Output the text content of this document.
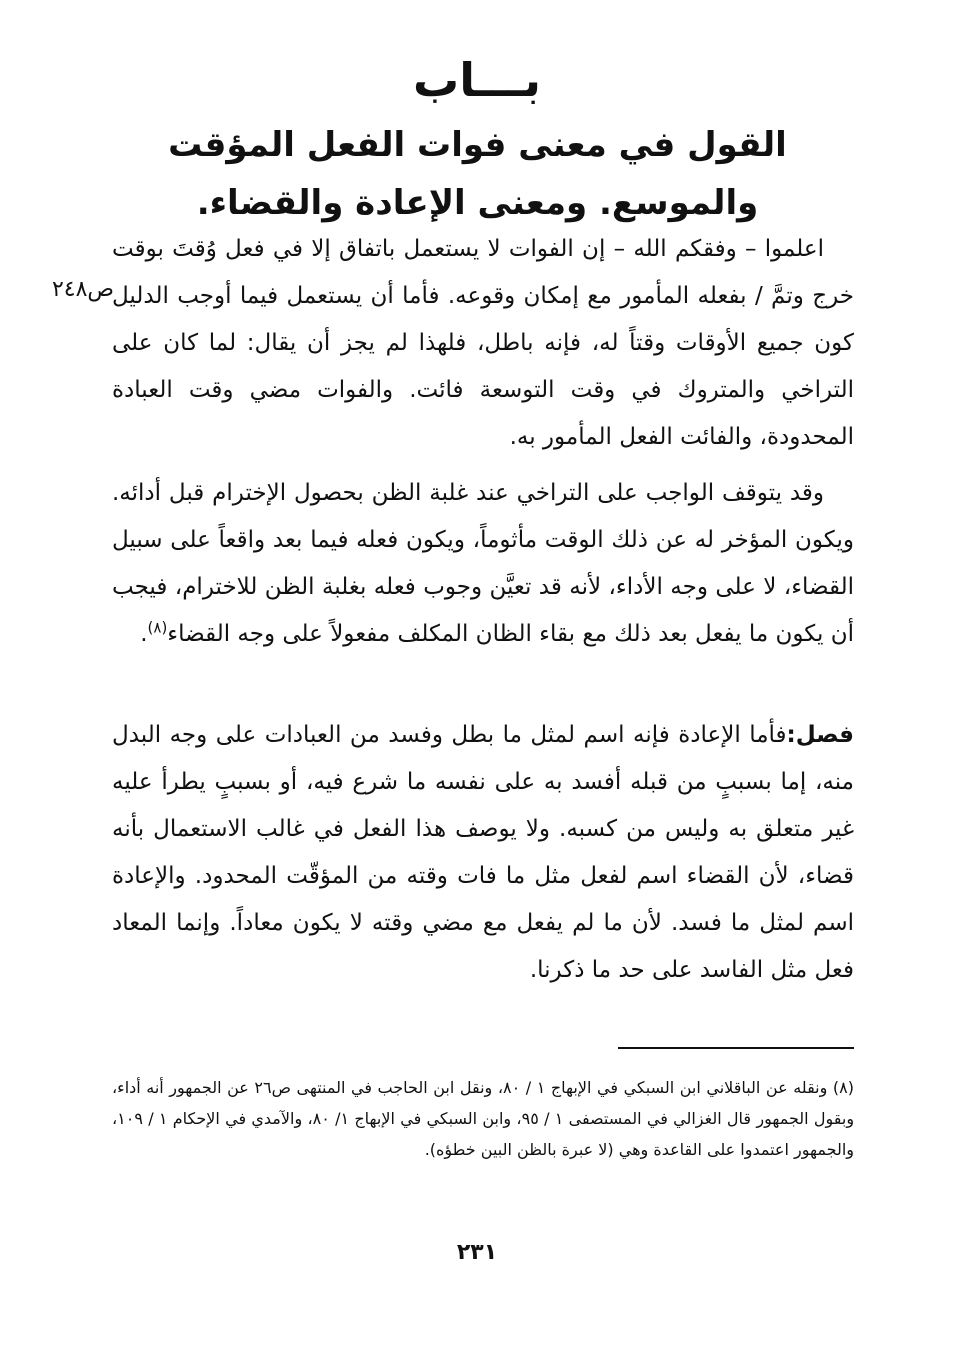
بـــاب
القول في معنى فوات الفعل المؤقت والموسع. ومعنى الإعادة والقضاء.
ص٢٤٨

اعلموا – وفقكم الله – إن الفوات لا يستعمل باتفاق إلا في فعل وُقتَ بوقت خرج وتمَّ / بفعله المأمور مع إمكان وقوعه. فأما أن يستعمل فيما أوجب الدليل كون جميع الأوقات وقتاً له، فإنه باطل، فلهذا لم يجز أن يقال: لما كان على التراخي والمتروك في وقت التوسعة فائت. والفوات مضي وقت العبادة المحدودة، والفائت الفعل المأمور به.

وقد يتوقف الواجب على التراخي عند غلبة الظن بحصول الإخترام قبل أدائه. ويكون المؤخر له عن ذلك الوقت مأثوماً، ويكون فعله فيما بعد واقعاً على سبيل القضاء، لا على وجه الأداء، لأنه قد تعيَّن وجوب فعله بغلبة الظن للاخترام، فيجب أن يكون ما يفعل بعد ذلك مع بقاء الظان المكلف مفعولاً على وجه القضاء$^{(٨)}$.

فصل:فأما الإعادة فإنه اسم لمثل ما بطل وفسد من العبادات على وجه البدل منه، إما بسببٍ من قبله أفسد به على نفسه ما شرع فيه، أو بسببٍ يطرأ عليه غير متعلق به وليس من كسبه. ولا يوصف هذا الفعل في غالب الاستعمال بأنه قضاء، لأن القضاء اسم لفعل مثل ما فات وقته من المؤقّت المحدود. والإعادة اسم لمثل ما فسد. لأن ما لم يفعل مع مضي وقته لا يكون معاداً. وإنما المعاد فعل مثل الفاسد على حد ما ذكرنا.

(٨) ونقله عن الباقلاني ابن السبكي في الإبهاج ١ / ٨٠، ونقل ابن الحاجب في المنتهى ص٢٦ عن الجمهور أنه أداء، وبقول الجمهور قال الغزالي في المستصفى ١ / ٩٥، وابن السبكي في الإبهاج ١/ ٨٠، والآمدي في الإحكام ١ / ١٠٩، والجمهور اعتمدوا على القاعدة وهي (لا عبرة بالظن البين خطؤه).

٢٣١
